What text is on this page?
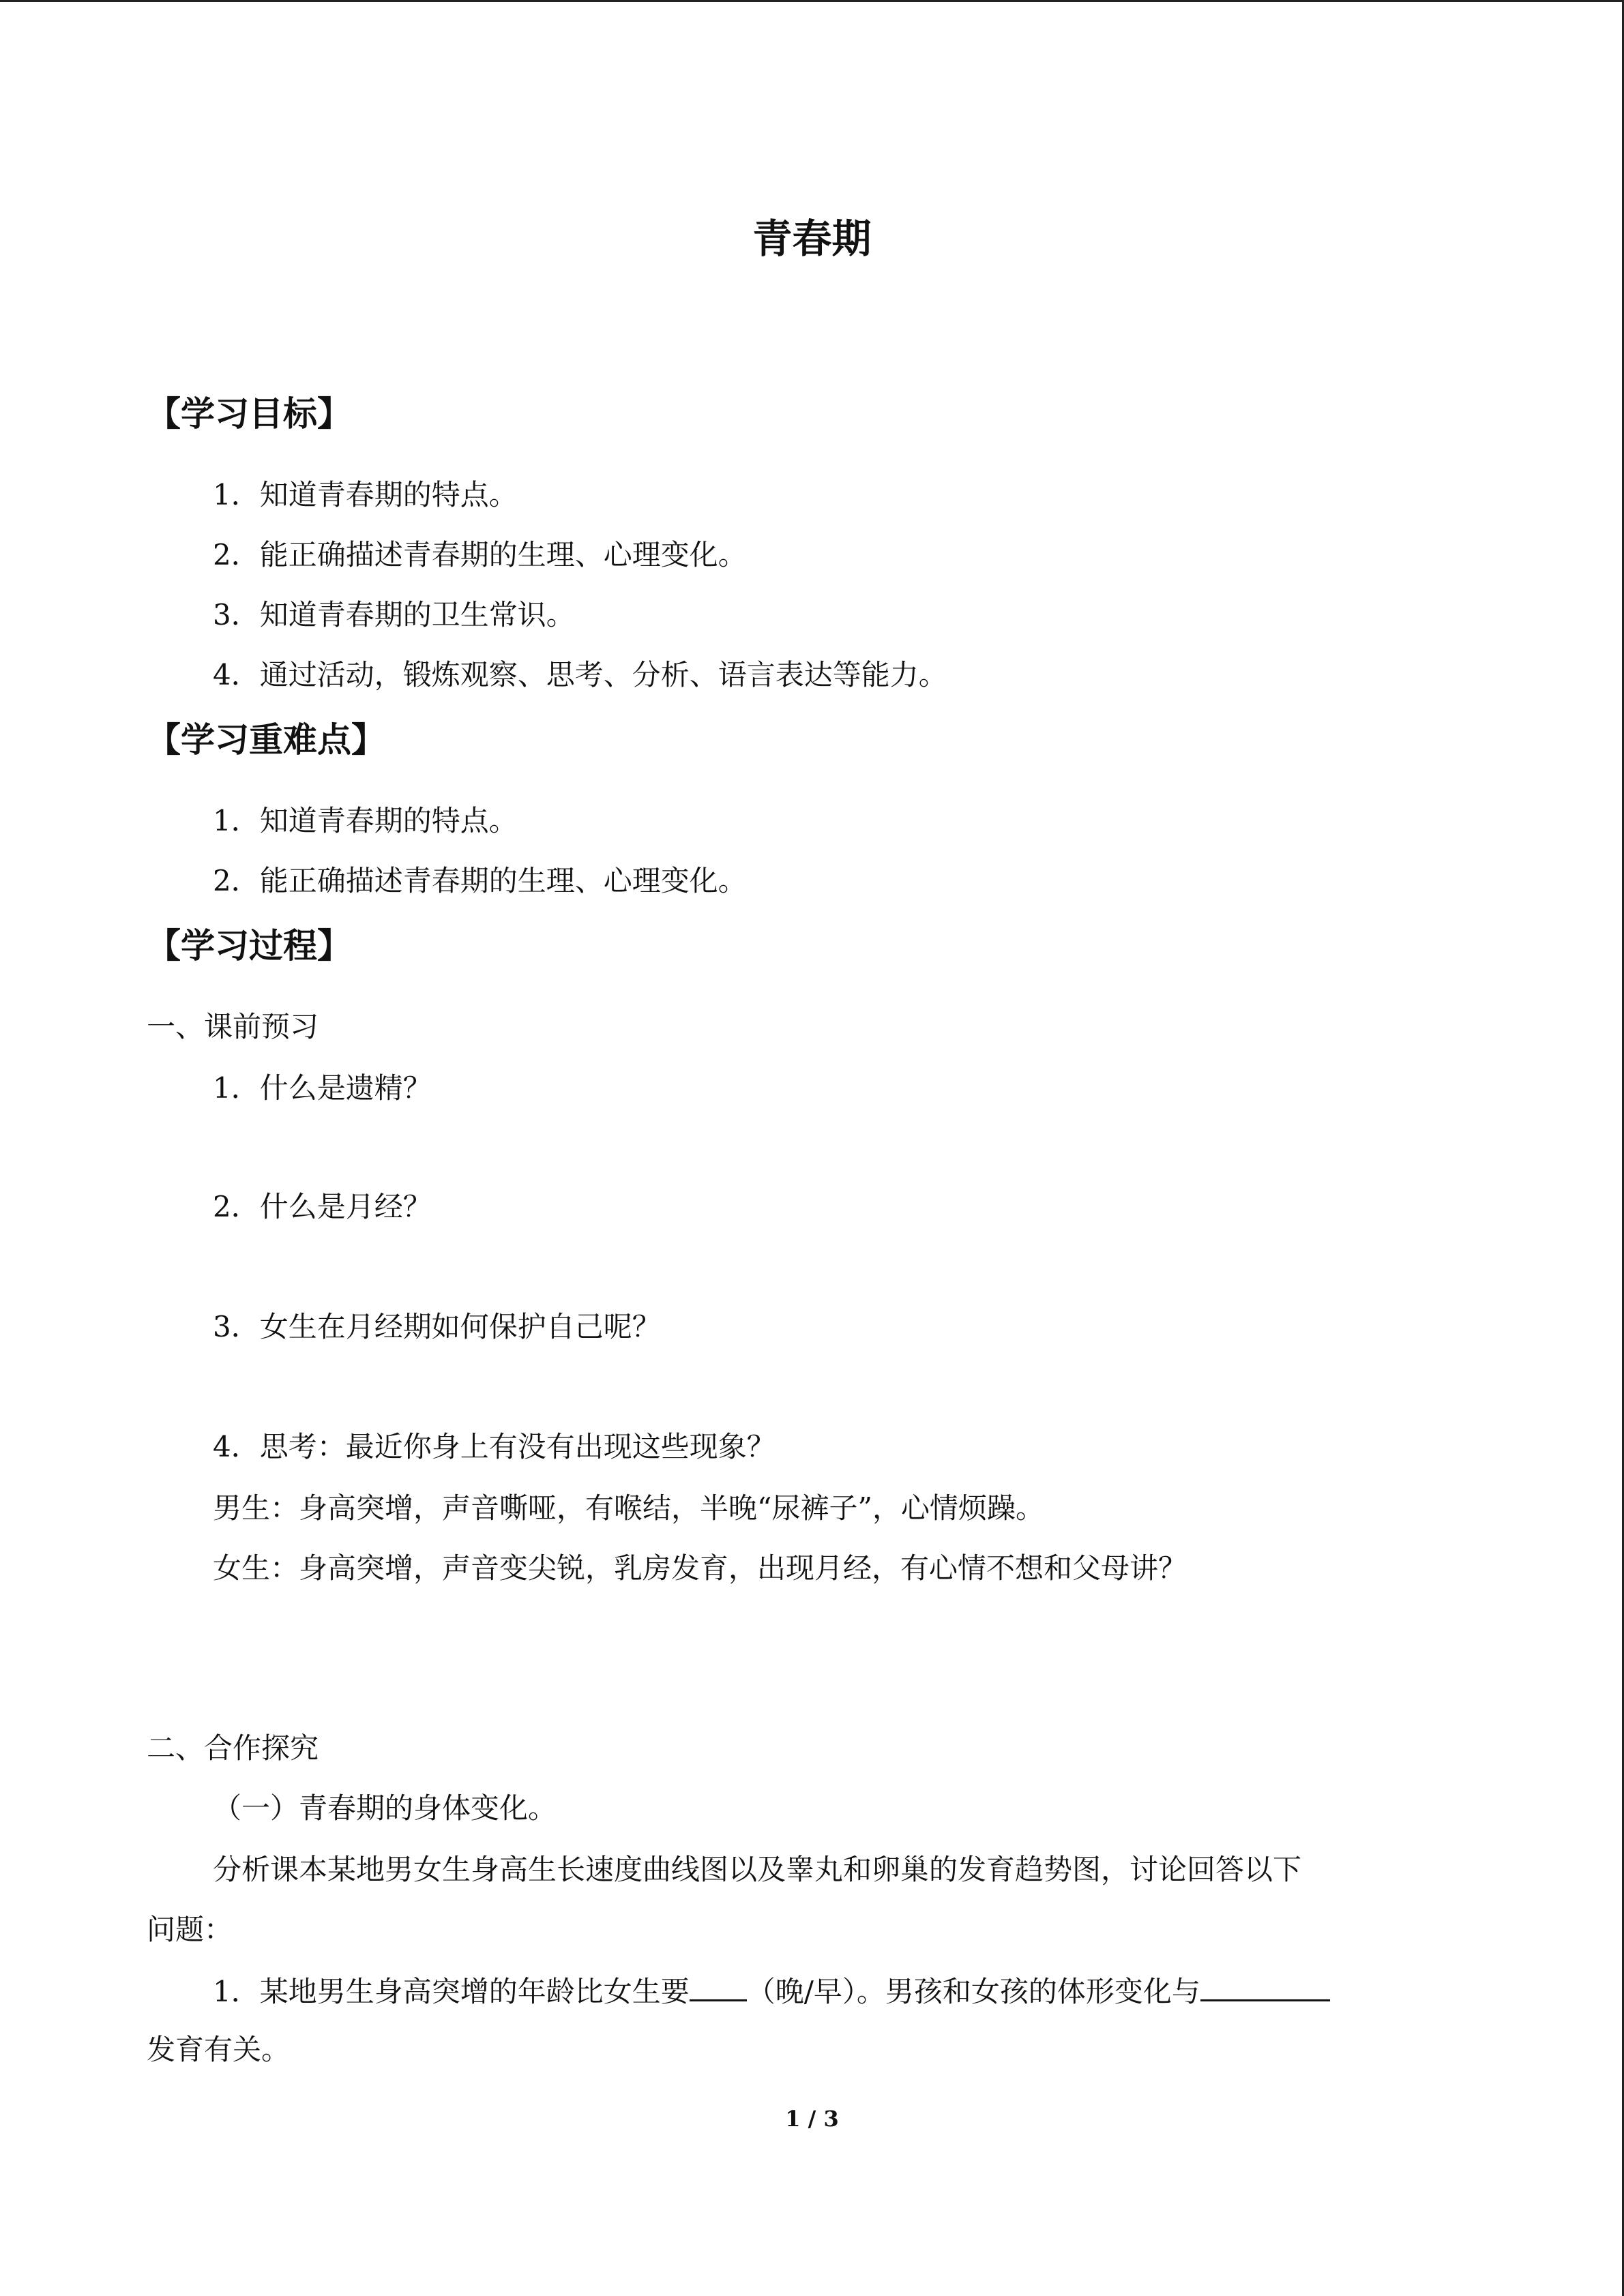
青春期
【学习目标】
1．知道青春期的特点。
2．能正确描述青春期的生理、心理变化。
3．知道青春期的卫生常识。
4．通过活动，锻炼观察、思考、分析、语言表达等能力。
【学习重难点】
1．知道青春期的特点。
2．能正确描述青春期的生理、心理变化。
【学习过程】
一、课前预习
1．什么是遗精？
2．什么是月经？
3．女生在月经期如何保护自己呢？
4．思考：最近你身上有没有出现这些现象？
男生：身高突增，声音嘶哑，有喉结，半晚“尿裤子”，心情烦躁。
女生：身高突增，声音变尖锐，乳房发育，出现月经，有心情不想和父母讲？
二、合作探究
（一）青春期的身体变化。
分析课本某地男女生身高生长速度曲线图以及睾丸和卵巢的发育趋势图，讨论回答以下
问题：
1．某地男生身高突增的年龄比女生要 （晚/早）。男孩和女孩的体形变化与
发育有关。
1 / 3
